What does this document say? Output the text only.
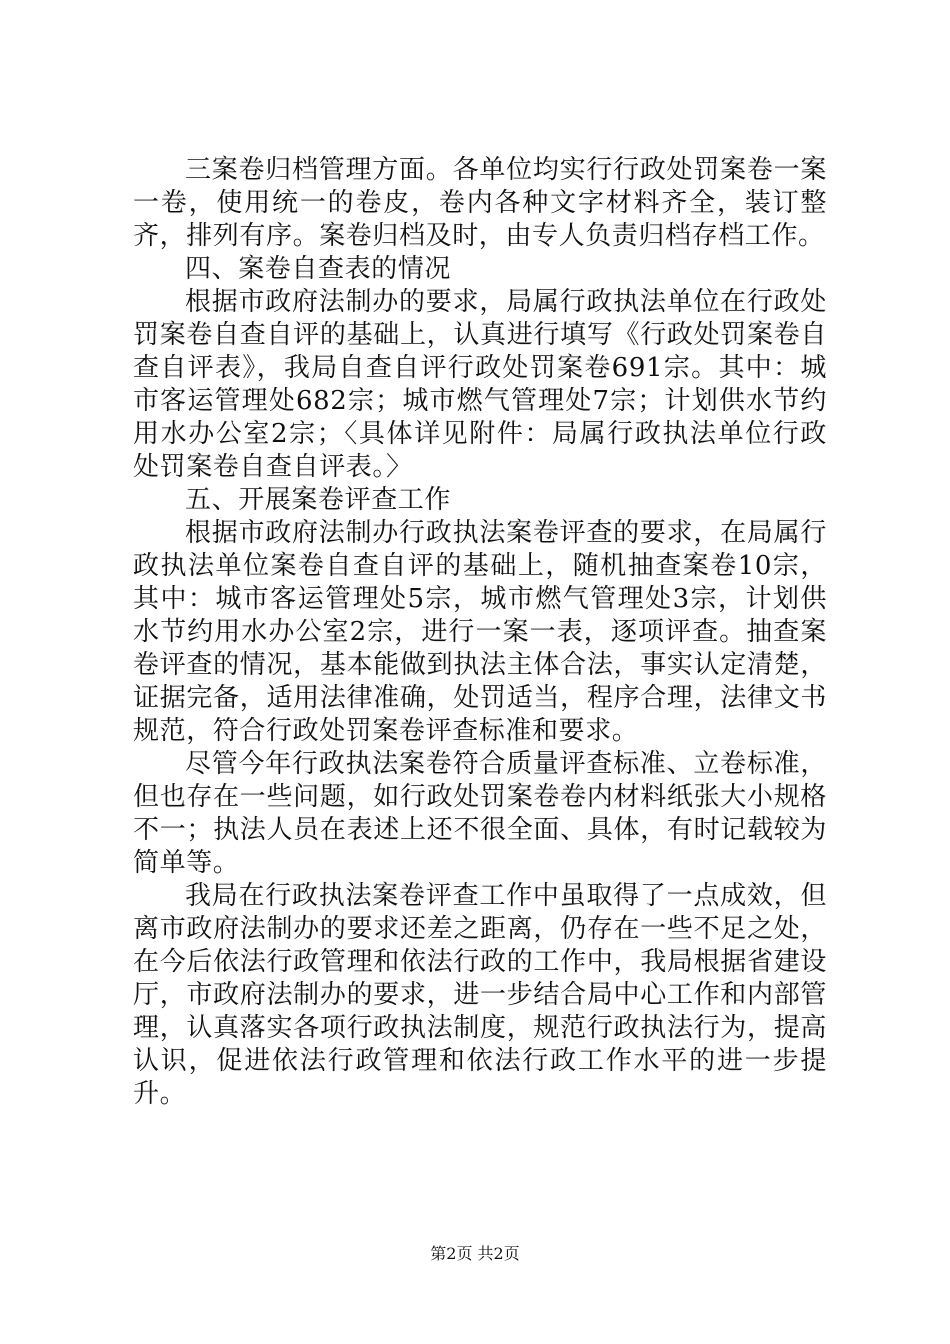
三案卷归档管理方面。各单位均实行行政处罚案卷一案一卷，使用统一的卷皮，卷内各种文字材料齐全，装订整齐，排列有序。案卷归档及时，由专人负责归档存档工作。

四、案卷自查表的情况

根据市政府法制办的要求，局属行政执法单位在行政处罚案卷自查自评的基础上，认真进行填写《行政处罚案卷自查自评表》，我局自查自评行政处罚案卷691宗。其中：城市客运管理处682宗；城市燃气管理处7宗；计划供水节约用水办公室2宗；〈具体详见附件：局属行政执法单位行政处罚案卷自查自评表。〉

五、开展案卷评查工作

根据市政府法制办行政执法案卷评查的要求，在局属行政执法单位案卷自查自评的基础上，随机抽查案卷10宗，其中：城市客运管理处5宗，城市燃气管理处3宗，计划供水节约用水办公室2宗，进行一案一表，逐项评查。抽查案卷评查的情况，基本能做到执法主体合法，事实认定清楚，证据完备，适用法律准确，处罚适当，程序合理，法律文书规范，符合行政处罚案卷评查标准和要求。

尽管今年行政执法案卷符合质量评查标准、立卷标准，但也存在一些问题，如行政处罚案卷卷内材料纸张大小规格不一；执法人员在表述上还不很全面、具体，有时记载较为简单等。

我局在行政执法案卷评查工作中虽取得了一点成效，但离市政府法制办的要求还差之距离，仍存在一些不足之处，在今后依法行政管理和依法行政的工作中，我局根据省建设厅，市政府法制办的要求，进一步结合局中心工作和内部管理，认真落实各项行政执法制度，规范行政执法行为，提高认识，促进依法行政管理和依法行政工作水平的进一步提升。

第2页 共2页
